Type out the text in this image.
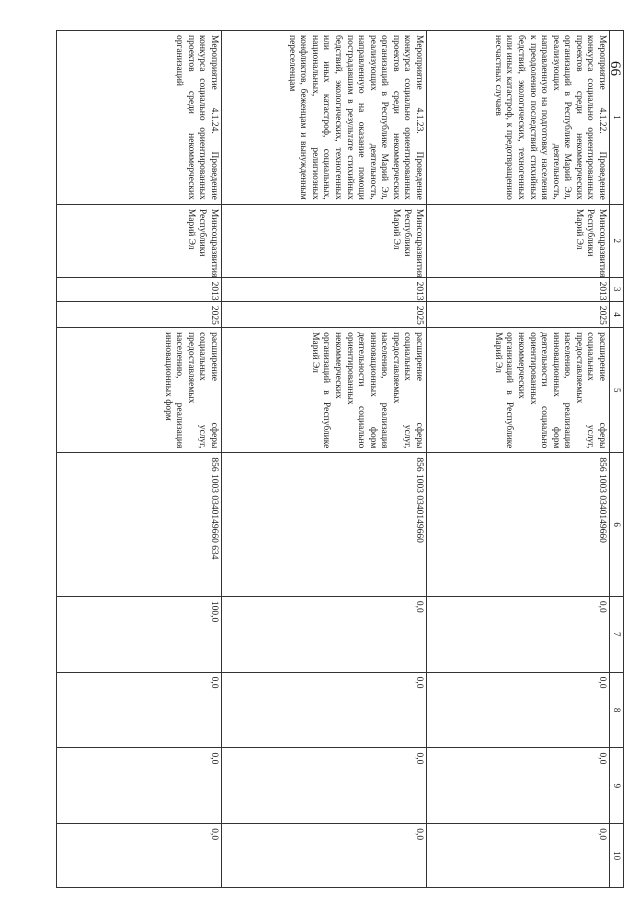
66
1	2	3	4	5	6	7	8	9	10
Мероприятие 4.1.22. Проведение конкурса социально ориентированных проектов среди некоммерческих организаций в Республике Марий Эл, реализующих деятельность, направленную на подготовку населения к преодолению последствий стихийных бедствий, экологических, техногенных или иных катастроф, к предотвращению несчастных случаев	Минсоцразвития Республики Марий Эл	2013	2025	расширение сферы социальных услуг, предоставляемых населению, реализация инновационных форм деятельности социально ориентированных некоммерческих организаций в Республике Марий Эл	856 1003 0340149660	0,0	0,0	0,0	0,0
Мероприятие 4.1.23. Проведение конкурса социально ориентированных проектов среди некоммерческих организаций в Республике Марий Эл, реализующих деятельность, направленную на оказание помощи пострадавшим в результате стихийных бедствий, экологических, техногенных или иных катастроф, социальных, национальных, религиозных конфликтов, беженцам и вынужденным переселенцам	Минсоцразвития Республики Марий Эл	2013	2025	расширение сферы социальных услуг, предоставляемых населению, реализация инновационных форм деятельности социально ориентированных некоммерческих организаций в Республике Марий Эл	856 1003 0340149660	0,0	0,0	0,0	0,0
Мероприятие 4.1.24. Проведение конкурса социально ориентированных проектов среди некоммерческих организаций	Минсоцразвития Республики Марий Эл	2013	2025	расширение сферы социальных услуг, предоставляемых населению, реализация инновационных форм	856 1003 0340149660 634	100,0	0,0	0,0	0,0
